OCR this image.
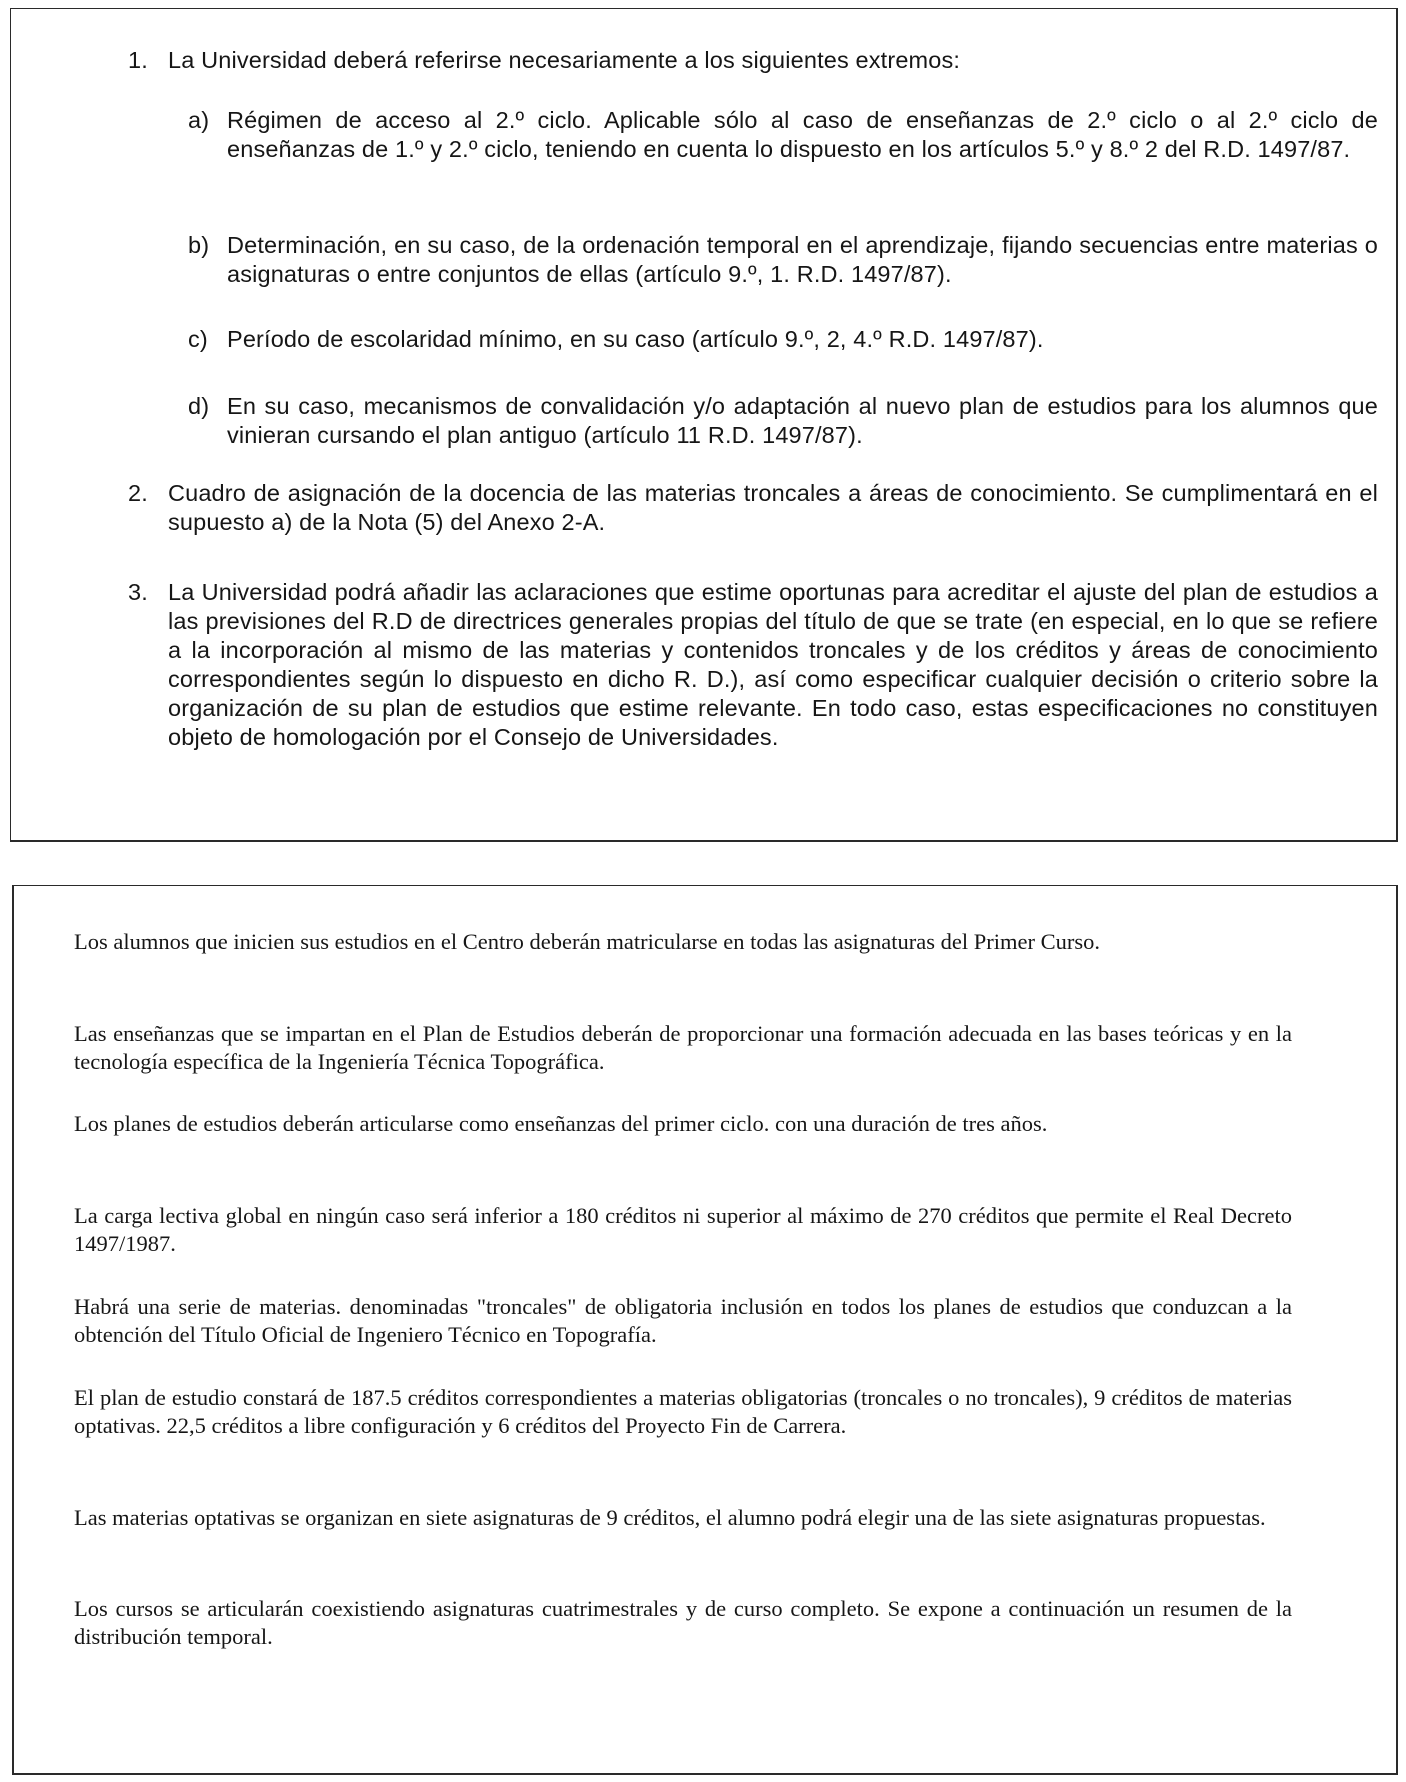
1. La Universidad deberá referirse necesariamente a los siguientes extremos:

a) Régimen de acceso al 2.º ciclo. Aplicable sólo al caso de enseñanzas de 2.º ciclo o al 2.º ciclo de enseñanzas de 1.º y 2.º ciclo, teniendo en cuenta lo dispuesto en los artículos 5.º y 8.º 2 del R.D. 1497/87.

b) Determinación, en su caso, de la ordenación temporal en el aprendizaje, fijando secuencias entre materias o asignaturas o entre conjuntos de ellas (artículo 9.º, 1. R.D. 1497/87).

c) Período de escolaridad mínimo, en su caso (artículo 9.º, 2, 4.º R.D. 1497/87).

d) En su caso, mecanismos de convalidación y/o adaptación al nuevo plan de estudios para los alumnos que vinieran cursando el plan antiguo (artículo 11 R.D. 1497/87).

2. Cuadro de asignación de la docencia de las materias troncales a áreas de conocimiento. Se cumplimentará en el supuesto a) de la Nota (5) del Anexo 2-A.

3. La Universidad podrá añadir las aclaraciones que estime oportunas para acreditar el ajuste del plan de estudios a las previsiones del R.D de directrices generales propias del título de que se trate (en especial, en lo que se refiere a la incorporación al mismo de las materias y contenidos troncales y de los créditos y áreas de conocimiento correspondientes según lo dispuesto en dicho R. D.), así como especificar cualquier decisión o criterio sobre la organización de su plan de estudios que estime relevante. En todo caso, estas especificaciones no constituyen objeto de homologación por el Consejo de Universidades.

Los alumnos que inicien sus estudios en el Centro deberán matricularse en todas las asignaturas del Primer Curso.

Las enseñanzas que se impartan en el Plan de Estudios deberán de proporcionar una formación adecuada en las bases teóricas y en la tecnología específica de la Ingeniería Técnica Topográfica.

Los planes de estudios deberán articularse como enseñanzas del primer ciclo. con una duración de tres años.

La carga lectiva global en ningún caso será inferior a 180 créditos ni superior al máximo de 270 créditos que permite el Real Decreto 1497/1987.

Habrá una serie de materias. denominadas "troncales" de obligatoria inclusión en todos los planes de estudios que conduzcan a la obtención del Título Oficial de Ingeniero Técnico en Topografía.

El plan de estudio constará de 187.5 créditos correspondientes a materias obligatorias (troncales o no troncales), 9 créditos de materias optativas. 22,5 créditos a libre configuración y 6 créditos del Proyecto Fin de Carrera.

Las materias optativas se organizan en siete asignaturas de 9 créditos, el alumno podrá elegir una de las siete asignaturas propuestas.

Los cursos se articularán coexistiendo asignaturas cuatrimestrales y de curso completo. Se expone a continuación un resumen de la distribución temporal.
